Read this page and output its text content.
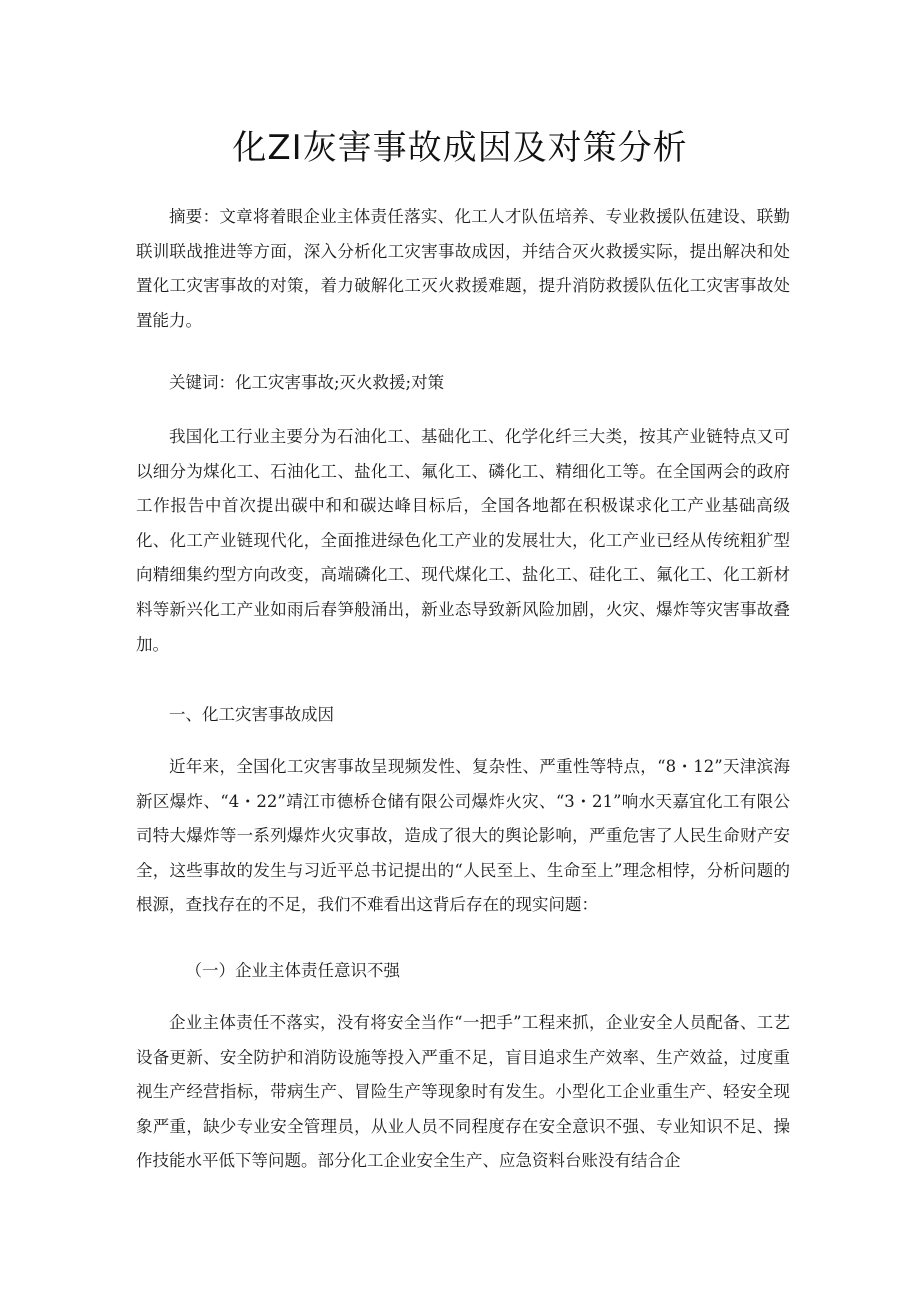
化ZI灰害事故成因及对策分析

摘要：文章将着眼企业主体责任落实、化工人才队伍培养、专业救援队伍建设、联勤联训联战推进等方面，深入分析化工灾害事故成因，并结合灭火救援实际，提出解决和处置化工灾害事故的对策，着力破解化工灭火救援难题，提升消防救援队伍化工灾害事故处置能力。

关键词：化工灾害事故;灭火救援;对策

我国化工行业主要分为石油化工、基础化工、化学化纤三大类，按其产业链特点又可以细分为煤化工、石油化工、盐化工、氟化工、磷化工、精细化工等。在全国两会的政府工作报告中首次提出碳中和和碳达峰目标后，全国各地都在积极谋求化工产业基础高级化、化工产业链现代化，全面推进绿色化工产业的发展壮大，化工产业已经从传统粗犷型向精细集约型方向改变，高端磷化工、现代煤化工、盐化工、硅化工、氟化工、化工新材料等新兴化工产业如雨后春笋般涌出，新业态导致新风险加剧，火灾、爆炸等灾害事故叠加。

一、化工灾害事故成因

近年来，全国化工灾害事故呈现频发性、复杂性、严重性等特点，“8・12”天津滨海新区爆炸、“4・22”靖江市德桥仓储有限公司爆炸火灾、“3・21”响水天嘉宜化工有限公司特大爆炸等一系列爆炸火灾事故，造成了很大的舆论影响，严重危害了人民生命财产安全，这些事故的发生与习近平总书记提出的“人民至上、生命至上”理念相悖，分析问题的根源，查找存在的不足，我们不难看出这背后存在的现实问题：

（一）企业主体责任意识不强

企业主体责任不落实，没有将安全当作“一把手”工程来抓，企业安全人员配备、工艺设备更新、安全防护和消防设施等投入严重不足，盲目追求生产效率、生产效益，过度重视生产经营指标，带病生产、冒险生产等现象时有发生。小型化工企业重生产、轻安全现象严重，缺少专业安全管理员，从业人员不同程度存在安全意识不强、专业知识不足、操作技能水平低下等问题。部分化工企业安全生产、应急资料台账没有结合企
